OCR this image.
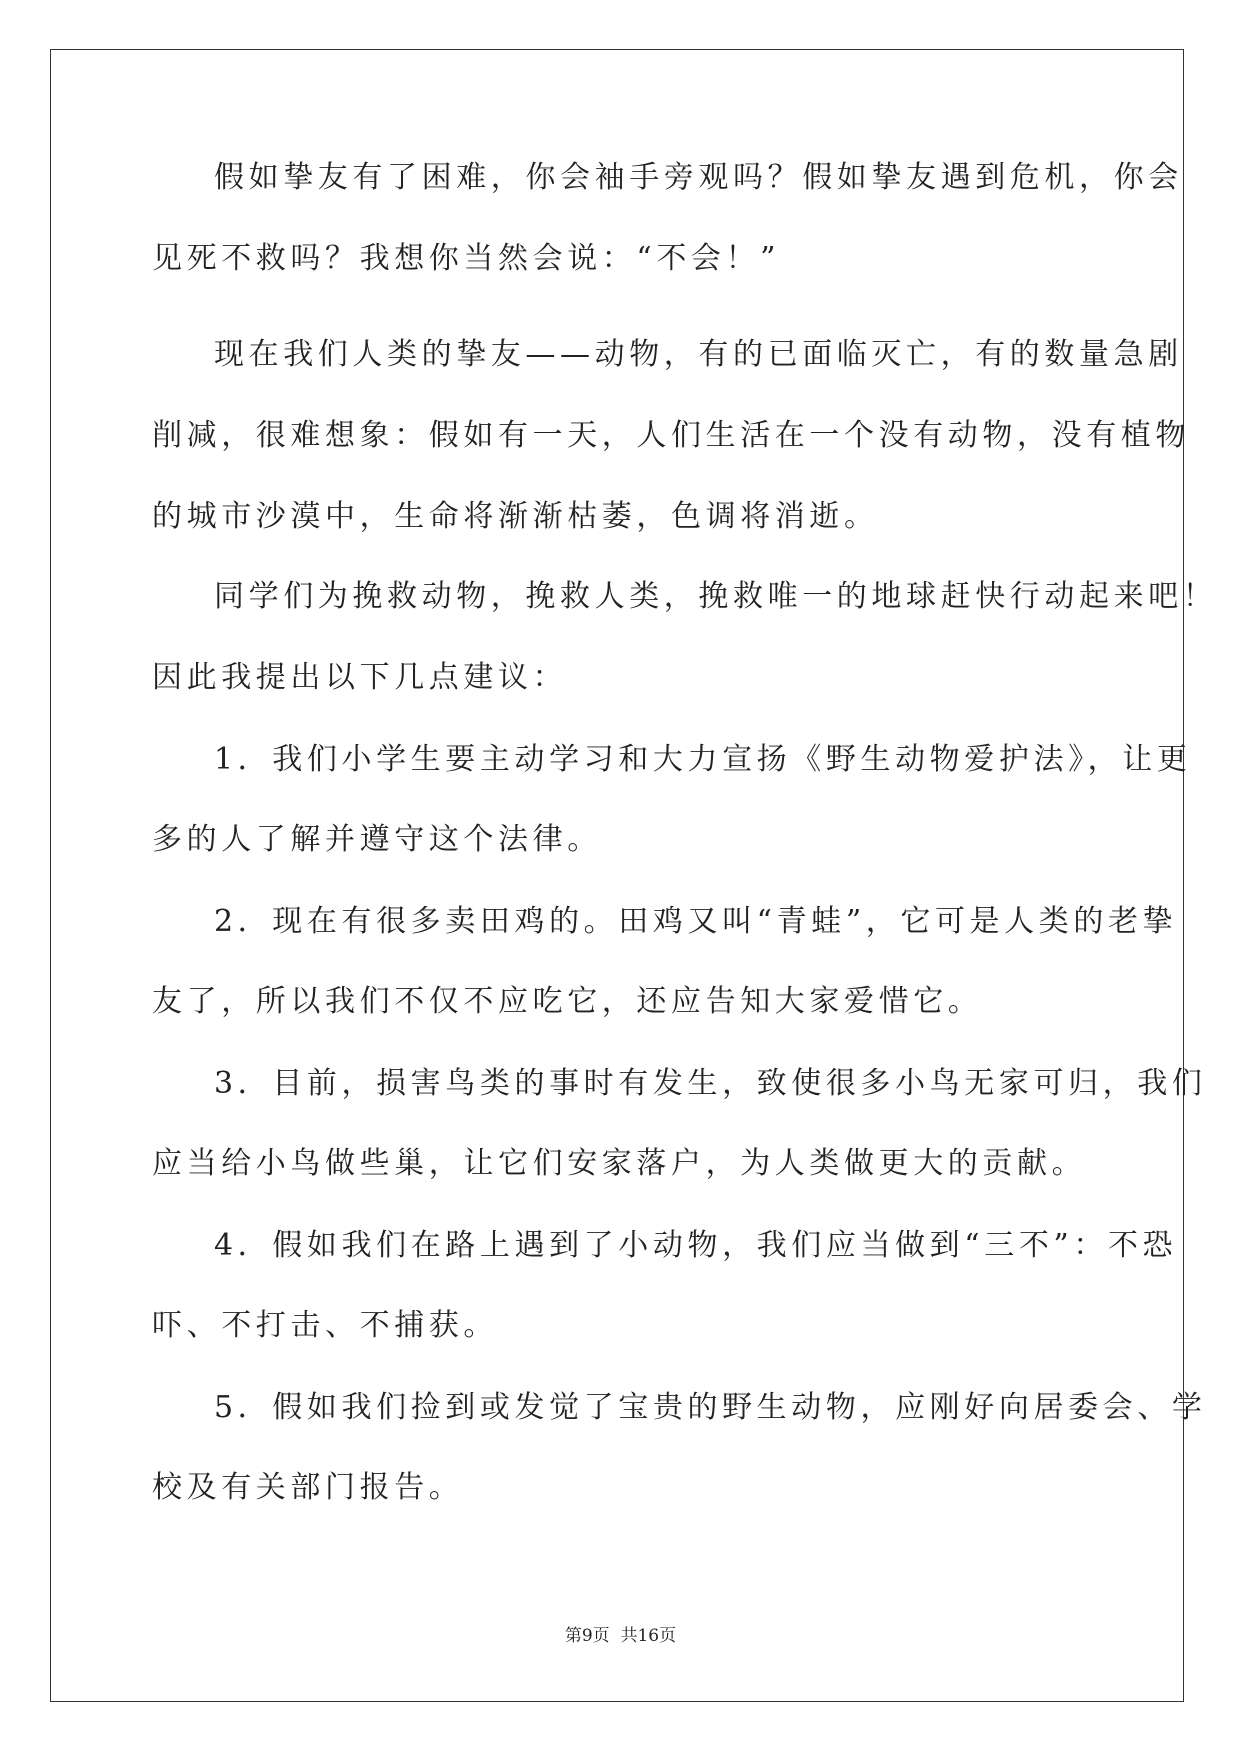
假如挚友有了困难，你会袖手旁观吗？假如挚友遇到危机，你会
见死不救吗？我想你当然会说：“不会！”
现在我们人类的挚友——动物，有的已面临灭亡，有的数量急剧
削减，很难想象：假如有一天，人们生活在一个没有动物，没有植物
的城市沙漠中，生命将渐渐枯萎，色调将消逝。
同学们为挽救动物，挽救人类，挽救唯一的地球赶快行动起来吧！
因此我提出以下几点建议：
1．我们小学生要主动学习和大力宣扬《野生动物爱护法》，让更
多的人了解并遵守这个法律。
2．现在有很多卖田鸡的。田鸡又叫“青蛙”，它可是人类的老挚
友了，所以我们不仅不应吃它，还应告知大家爱惜它。
3．目前，损害鸟类的事时有发生，致使很多小鸟无家可归，我们
应当给小鸟做些巢，让它们安家落户，为人类做更大的贡献。
4．假如我们在路上遇到了小动物，我们应当做到“三不”：不恐
吓、不打击、不捕获。
5．假如我们捡到或发觉了宝贵的野生动物，应刚好向居委会、学
校及有关部门报告。
第9页  共16页
